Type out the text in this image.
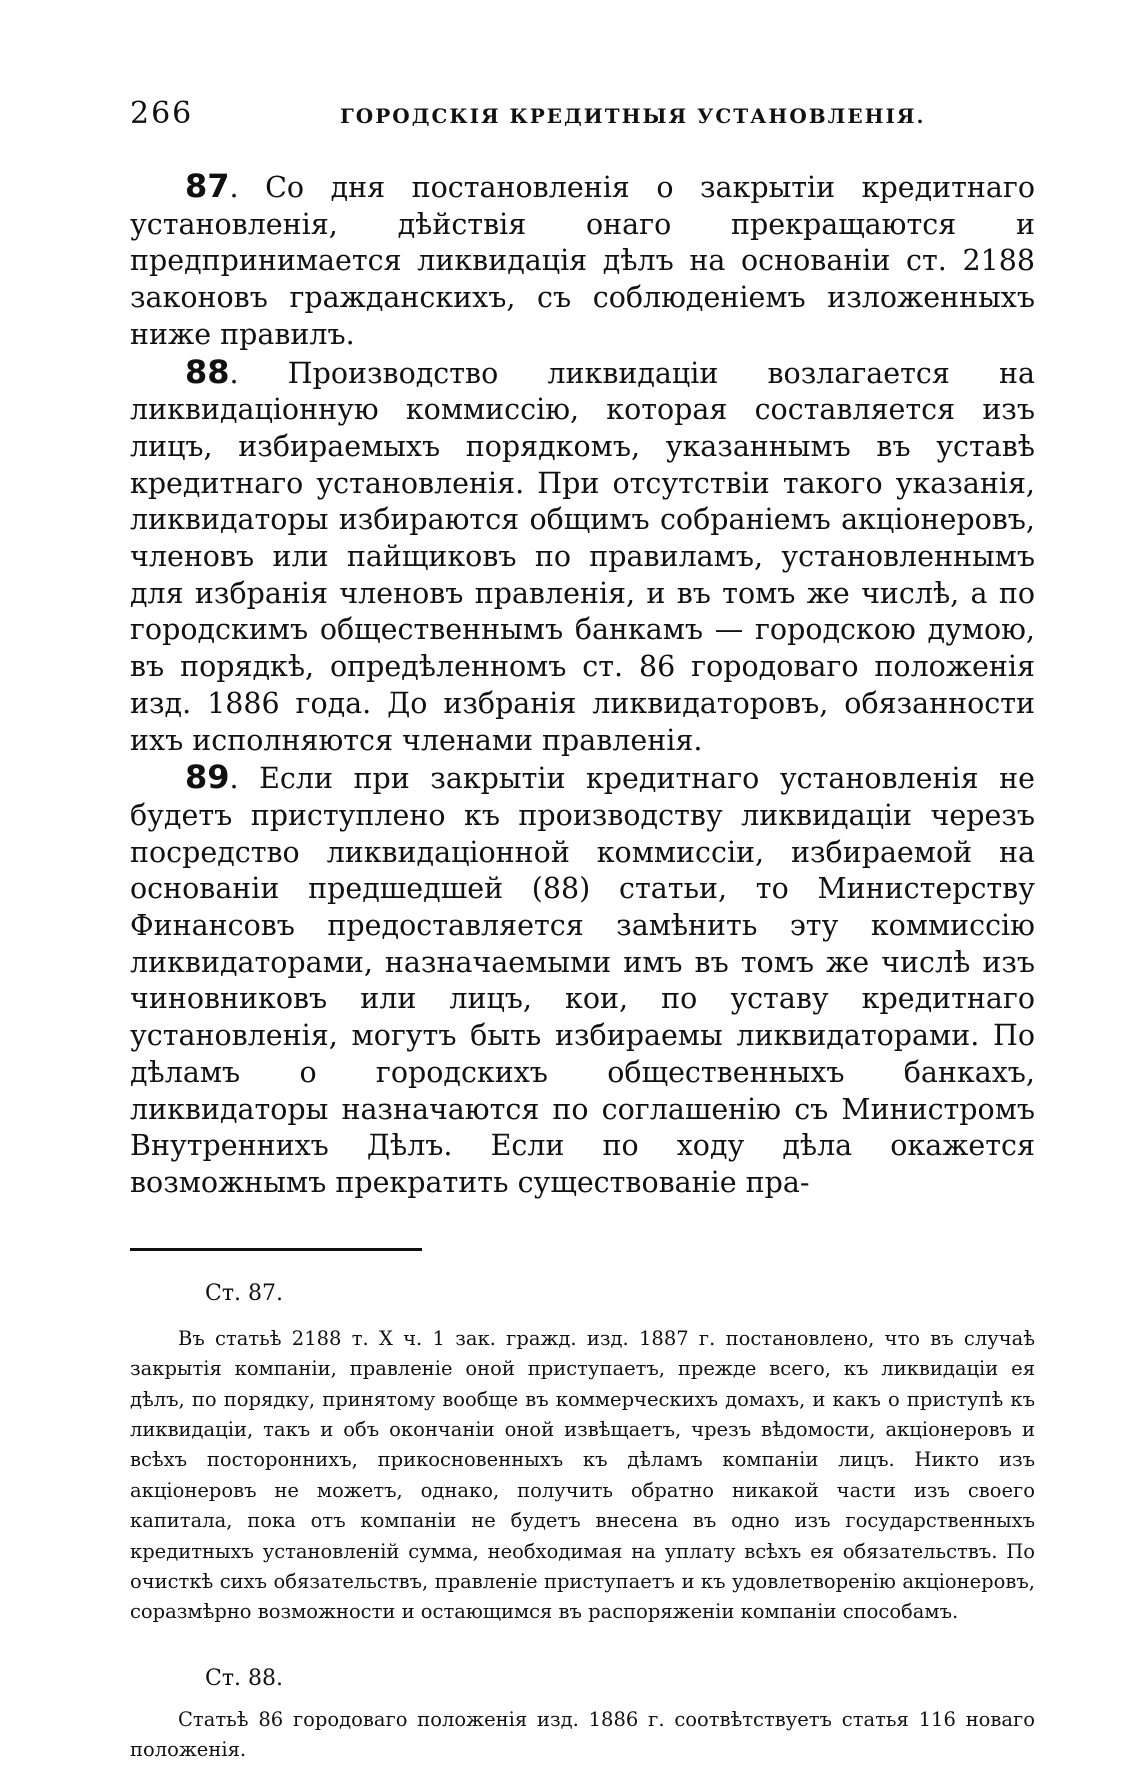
266	ГОРОДСКІЯ КРЕДИТНЫЯ УСТАНОВЛЕНІЯ.

87. Со дня постановленія о закрытіи кредитнаго установленія, дѣйствія онаго прекращаются и предпринимается ликвидація дѣлъ на основаніи ст. 2188 законовъ гражданскихъ, съ соблюденіемъ изложенныхъ ниже правилъ.

88. Производство ликвидаціи возлагается на ликвидаціонную коммиссію, которая составляется изъ лицъ, избираемыхъ порядкомъ, указаннымъ въ уставѣ кредитнаго установленія. При отсутствіи такого указанія, ликвидаторы избираются общимъ собраніемъ акціонеровъ, членовъ или пайщиковъ по правиламъ, установленнымъ для избранія членовъ правленія, и въ томъ же числѣ, а по городскимъ общественнымъ банкамъ — городскою думою, въ порядкѣ, опредѣленномъ ст. 86 городоваго положенія изд. 1886 года. До избранія ликвидаторовъ, обязанности ихъ исполняются членами правленія.

89. Если при закрытіи кредитнаго установленія не будетъ приступлено къ производству ликвидаціи черезъ посредство ликвидаціонной коммиссіи, избираемой на основаніи предшедшей (88) статьи, то Министерству Финансовъ предоставляется замѣнить эту коммиссію ликвидаторами, назначаемыми имъ въ томъ же числѣ изъ чиновниковъ или лицъ, кои, по уставу кредитнаго установленія, могутъ быть избираемы ликвидаторами. По дѣламъ о городскихъ общественныхъ банкахъ, ликвидаторы назначаются по соглашенію съ Министромъ Внутреннихъ Дѣлъ. Если по ходу дѣла окажется возможнымъ прекратить существованіе пра-

Ст. 87.

Въ статьѣ 2188 т. X ч. 1 зак. гражд. изд. 1887 г. постановлено, что въ случаѣ закрытія компаніи, правленіе оной приступаетъ, прежде всего, къ ликвидаціи ея дѣлъ, по порядку, принятому вообще въ коммерческихъ домахъ, и какъ о приступѣ къ ликвидаціи, такъ и объ окончаніи оной извѣщаетъ, чрезъ вѣдомости, акціонеровъ и всѣхъ постороннихъ, прикосновенныхъ къ дѣламъ компаніи лицъ. Никто изъ акціонеровъ не можетъ, однако, получить обратно никакой части изъ своего капитала, пока отъ компаніи не будетъ внесена въ одно изъ государственныхъ кредитныхъ установленій сумма, необходимая на уплату всѣхъ ея обязательствъ. По очисткѣ сихъ обязательствъ, правленіе приступаетъ и къ удовлетворенію акціонеровъ, соразмѣрно возможности и остающимся въ распоряженіи компаніи способамъ.

Ст. 88.

Статьѣ 86 городоваго положенія изд. 1886 г. соотвѣтствуетъ статья 116 новаго положенія.
